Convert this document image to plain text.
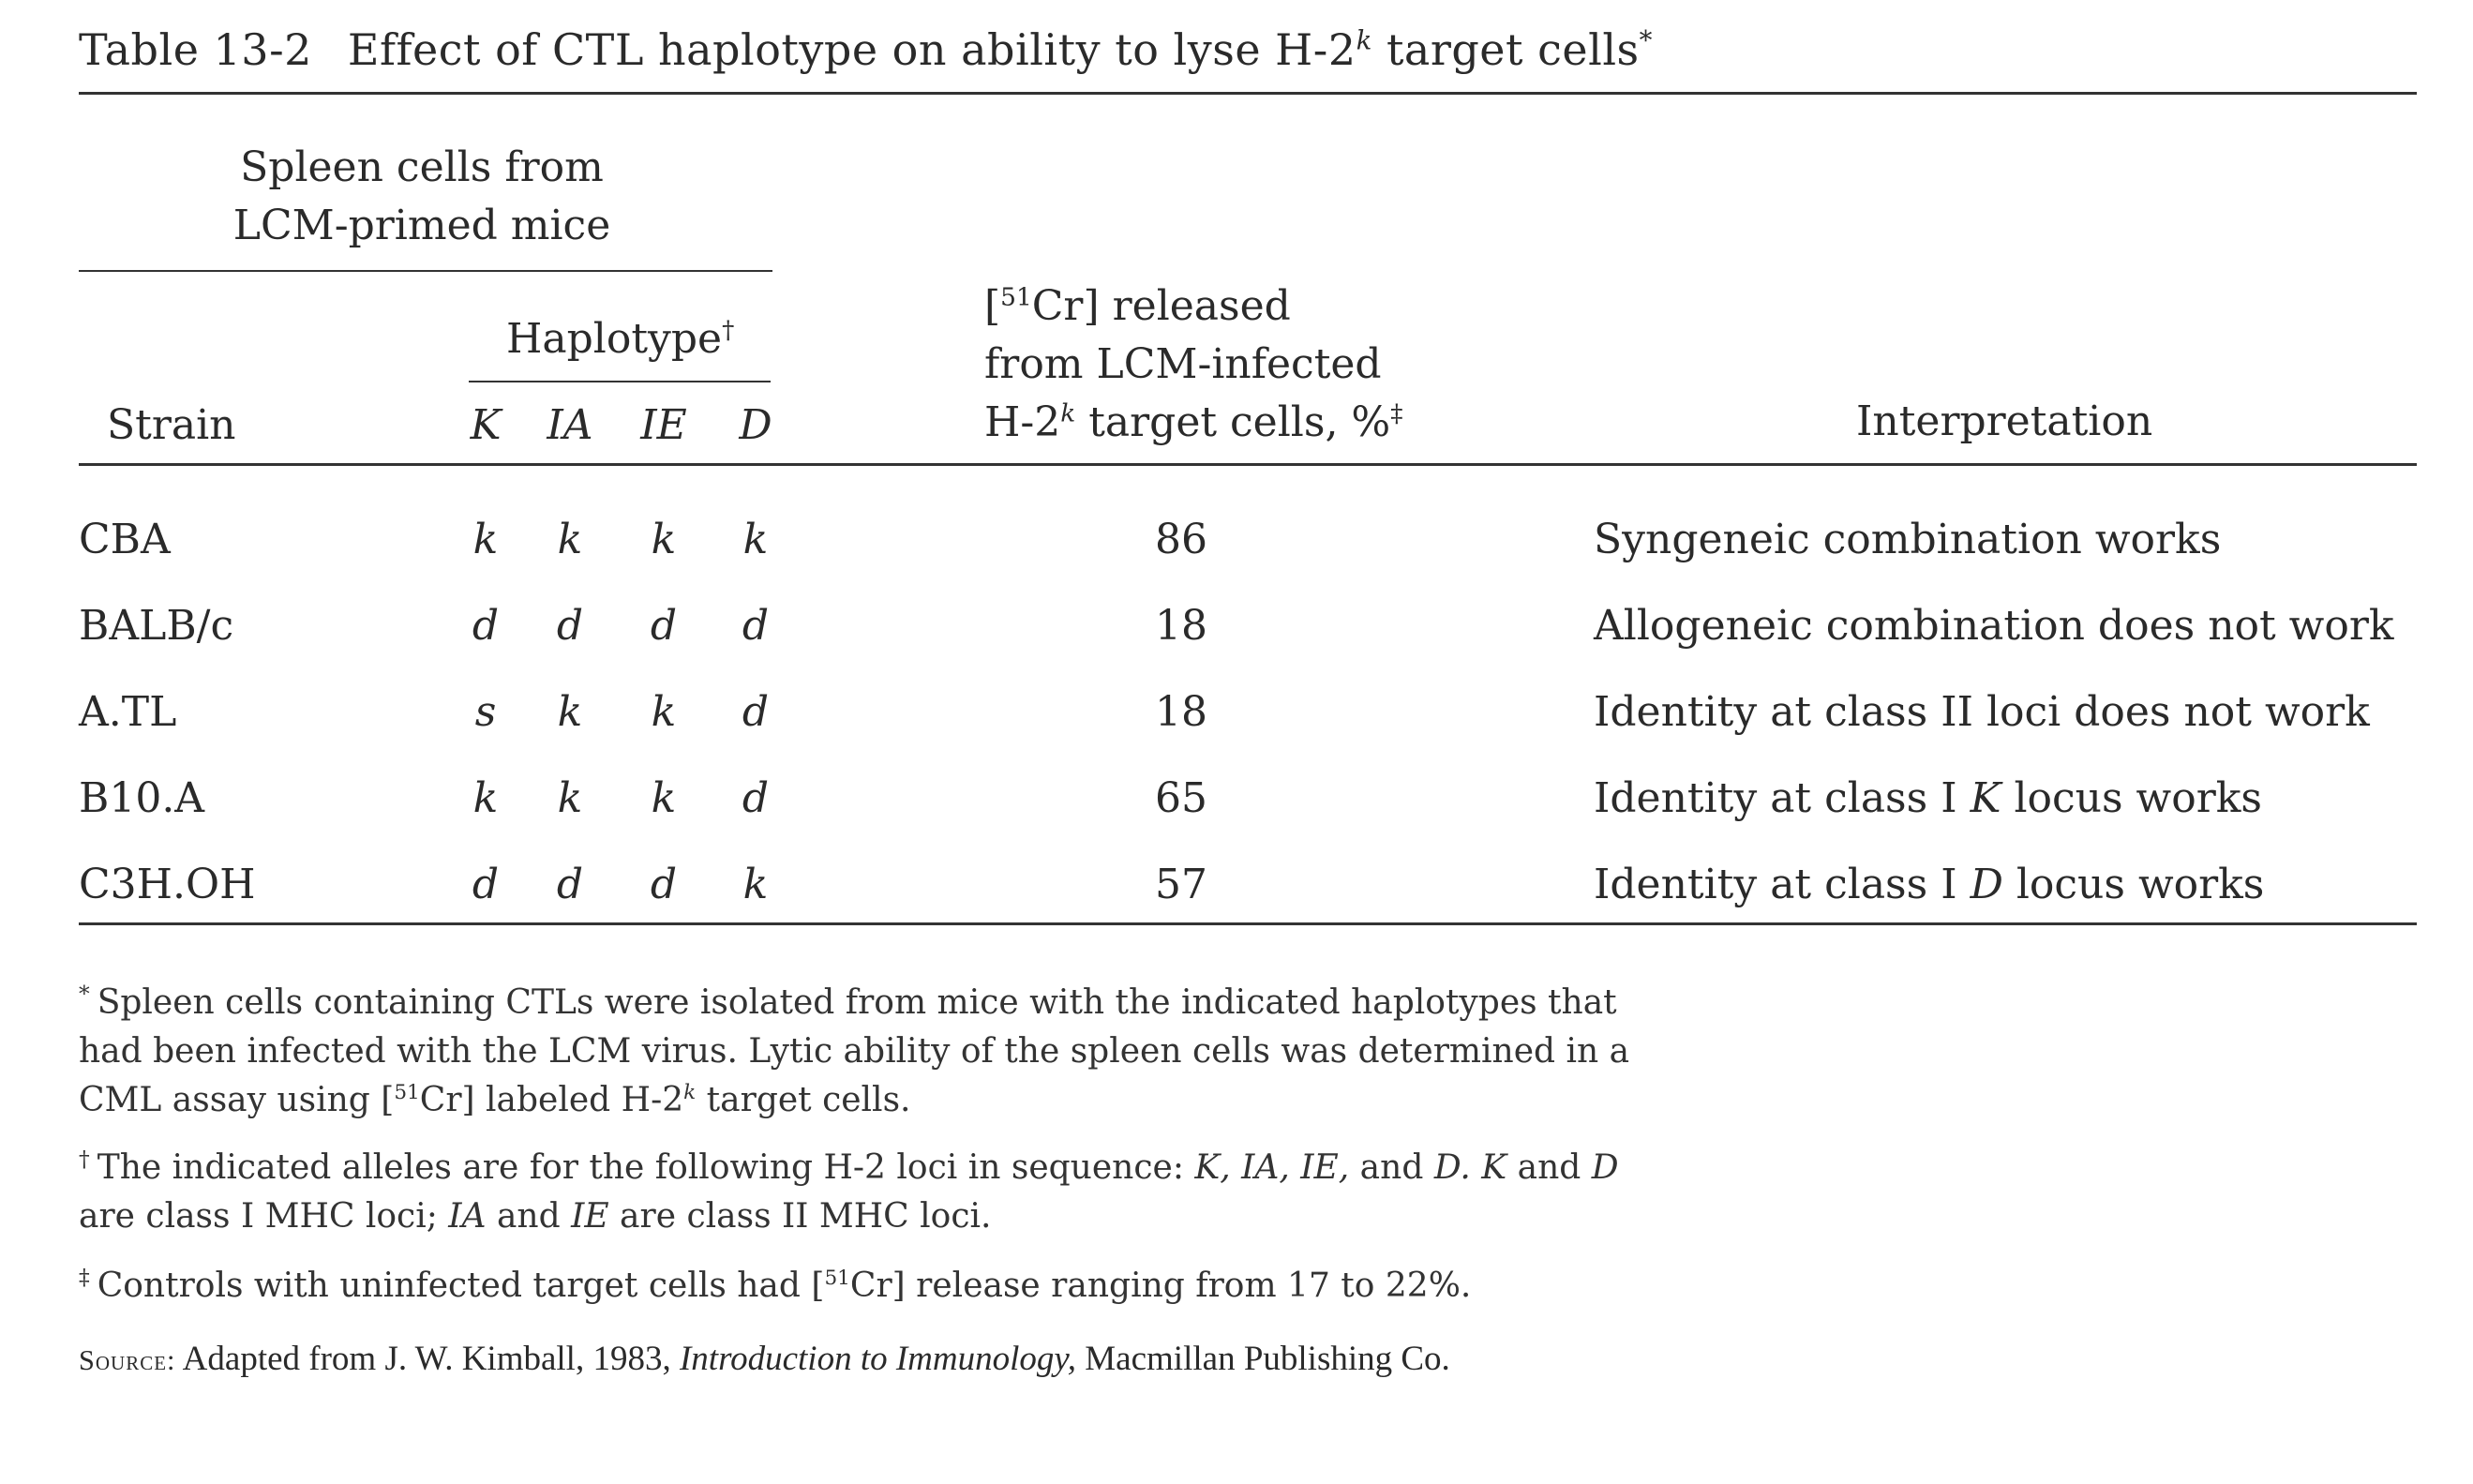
Table 13-2 Effect of CTL haplotype on ability to lyse H-2$^k$ target cells*
Spleen cells from
LCM-primed mice
Haplotype†
Strain	K	IA IE D
[$^{51}$Cr] released
from LCM-infected
H-2$^k$ target cells, %‡	Interpretation
CBA	k	k	k	k	86	Syngeneic combination works
BALB/c	d	d	d	d	18	Allogeneic combination does not work
A.TL	s	k	k	d	18	Identity at class II loci does not work
B10.A	k	k	k	d	65	Identity at class I K locus works
C3H.OH	d	d	d	k	57	Identity at class I D locus works
* Spleen cells containing CTLs were isolated from mice with the indicated haplotypes that had been infected with the LCM virus. Lytic ability of the spleen cells was determined in a CML assay using [$^{51}$Cr] labeled H-2$^k$ target cells.
† The indicated alleles are for the following H-2 loci in sequence: K, IA, IE, and D. K and D are class I MHC loci; IA and IE are class II MHC loci.
‡ Controls with uninfected target cells had [$^{51}$Cr] release ranging from 17 to 22%.
Source: Adapted from J. W. Kimball, 1983, Introduction to Immunology, Macmillan Publishing Co.
